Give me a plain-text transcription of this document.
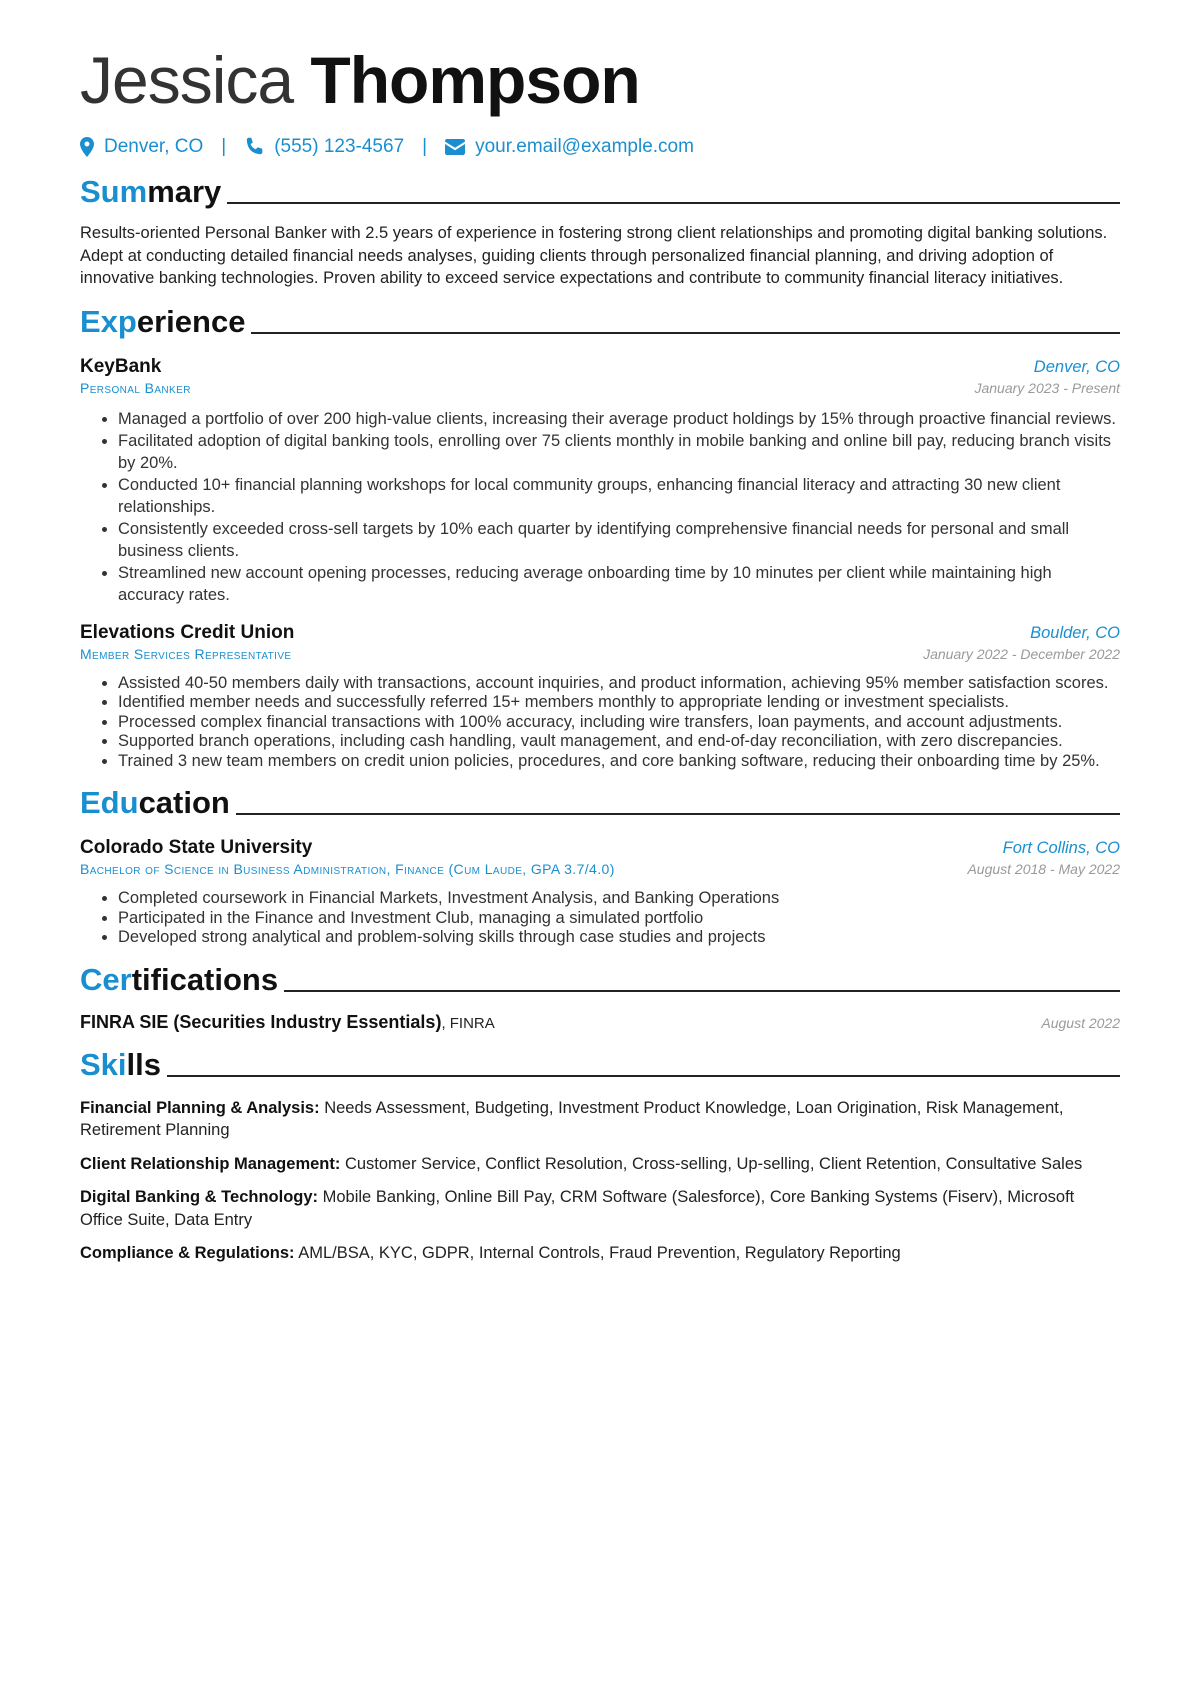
Jessica Thompson
Denver, CO |	(555) 123-4567 |	your.email@example.com
Summary

Results-oriented Personal Banker with 2.5 years of experience in fostering strong client relationships and promoting digital banking solutions. Adept at conducting detailed financial needs analyses, guiding clients through personalized financial planning, and driving adoption of innovative banking technologies. Proven ability to exceed service expectations and contribute to community financial literacy initiatives.

Experience
KeyBank	Denver, CO
Personal Banker	January 2023 - Present
• Managed a portfolio of over 200 high-value clients, increasing their average product holdings by 15% through proactive financial reviews.
• Facilitated adoption of digital banking tools, enrolling over 75 clients monthly in mobile banking and online bill pay, reducing branch visits by 20%.
• Conducted 10+ financial planning workshops for local community groups, enhancing financial literacy and attracting 30 new client relationships.
• Consistently exceeded cross-sell targets by 10% each quarter by identifying comprehensive financial needs for personal and small business clients.
• Streamlined new account opening processes, reducing average onboarding time by 10 minutes per client while maintaining high accuracy rates.
Elevations Credit Union	Boulder, CO
Member Services Representative	January 2022 - December 2022
• Assisted 40-50 members daily with transactions, account inquiries, and product information, achieving 95% member satisfaction scores.
• Identified member needs and successfully referred 15+ members monthly to appropriate lending or investment specialists.
• Processed complex financial transactions with 100% accuracy, including wire transfers, loan payments, and account adjustments.
• Supported branch operations, including cash handling, vault management, and end-of-day reconciliation, with zero discrepancies.
• Trained 3 new team members on credit union policies, procedures, and core banking software, reducing their onboarding time by 25%.
Education
Colorado State University	Fort Collins, CO
Bachelor of Science in Business Administration, Finance (Cum Laude, GPA 3.7/4.0)	August 2018 - May 2022
• Completed coursework in Financial Markets, Investment Analysis, and Banking Operations
• Participated in the Finance and Investment Club, managing a simulated portfolio
• Developed strong analytical and problem-solving skills through case studies and projects
Certifications
FINRA SIE (Securities Industry Essentials), FINRA	August 2022
Skills
Financial Planning & Analysis: Needs Assessment, Budgeting, Investment Product Knowledge, Loan Origination, Risk Management, Retirement Planning
Client Relationship Management: Customer Service, Conflict Resolution, Cross-selling, Up-selling, Client Retention, Consultative Sales
Digital Banking & Technology: Mobile Banking, Online Bill Pay, CRM Software (Salesforce), Core Banking Systems (Fiserv), Microsoft Office Suite, Data Entry
Compliance & Regulations: AML/BSA, KYC, GDPR, Internal Controls, Fraud Prevention, Regulatory Reporting
